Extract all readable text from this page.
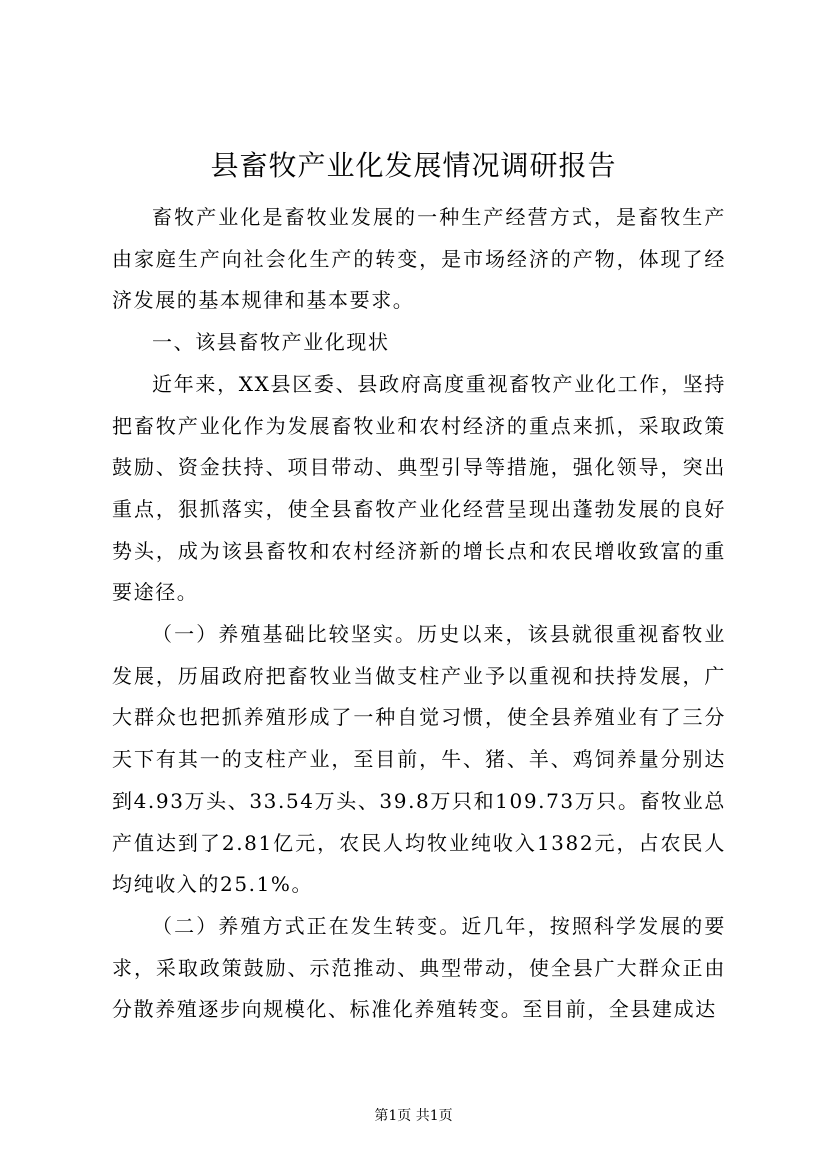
县畜牧产业化发展情况调研报告

畜牧产业化是畜牧业发展的一种生产经营方式，是畜牧生产由家庭生产向社会化生产的转变，是市场经济的产物，体现了经济发展的基本规律和基本要求。

一、该县畜牧产业化现状

近年来，XX县区委、县政府高度重视畜牧产业化工作，坚持把畜牧产业化作为发展畜牧业和农村经济的重点来抓，采取政策鼓励、资金扶持、项目带动、典型引导等措施，强化领导，突出重点，狠抓落实，使全县畜牧产业化经营呈现出蓬勃发展的良好势头，成为该县畜牧和农村经济新的增长点和农民增收致富的重要途径。

（一）养殖基础比较坚实。历史以来，该县就很重视畜牧业发展，历届政府把畜牧业当做支柱产业予以重视和扶持发展，广大群众也把抓养殖形成了一种自觉习惯，使全县养殖业有了三分天下有其一的支柱产业，至目前，牛、猪、羊、鸡饲养量分别达到4.93万头、33.54万头、39.8万只和109.73万只。畜牧业总产值达到了2.81亿元，农民人均牧业纯收入1382元，占农民人均纯收入的25.1%。

（二）养殖方式正在发生转变。近几年，按照科学发展的要求，采取政策鼓励、示范推动、典型带动，使全县广大群众正由分散养殖逐步向规模化、标准化养殖转变。至目前，全县建成达

第1页 共1页
